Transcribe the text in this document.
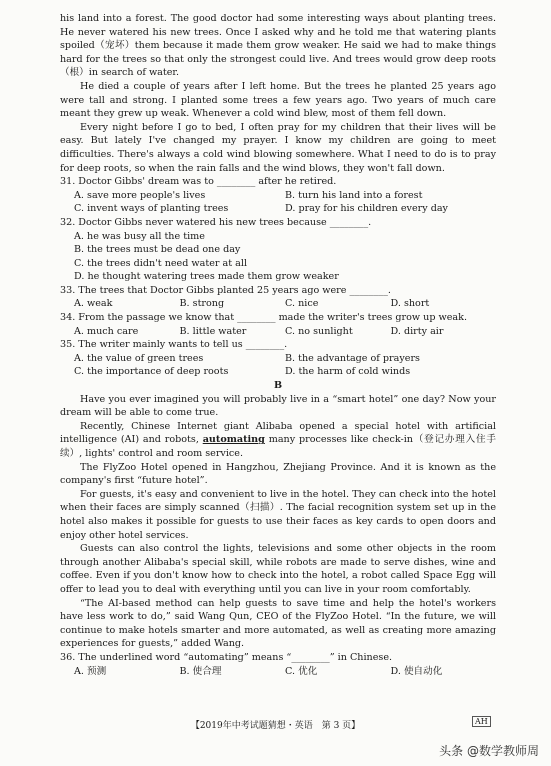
his land into a forest. The good doctor had some interesting ways about planting trees. He never watered his new trees. Once I asked why and he told me that watering plants spoiled（宠坏）them because it made them grow weaker. He said we had to make things hard for the trees so that only the strongest could live. And trees would grow deep roots（根）in search of water.

He died a couple of years after I left home. But the trees he planted 25 years ago were tall and strong. I planted some trees a few years ago. Two years of much care meant they grew up weak. Whenever a cold wind blew, most of them fell down.

Every night before I go to bed, I often pray for my children that their lives will be easy. But lately I've changed my prayer. I know my children are going to meet difficulties. There's always a cold wind blowing somewhere. What I need to do is to pray for deep roots, so when the rain falls and the wind blows, they won't fall down.

31. Doctor Gibbs' dream was to ________ after he retired.

A. save more people's lives	B. turn his land into a forest
C. invent ways of planting trees	D. pray for his children every day

32. Doctor Gibbs never watered his new trees because ________.

A. he was busy all the time
B. the trees must be dead one day
C. the trees didn't need water at all
D. he thought watering trees made them grow weaker

33. The trees that Doctor Gibbs planted 25 years ago were ________.

A. weak	B. strong	C. nice	D. short

34. From the passage we know that ________ made the writer's trees grow up weak.

A. much care	B. little water	C. no sunlight	D. dirty air

35. The writer mainly wants to tell us ________.

A. the value of green trees	B. the advantage of prayers
C. the importance of deep roots	D. the harm of cold winds

B

Have you ever imagined you will probably live in a “smart hotel” one day? Now your dream will be able to come true.

Recently, Chinese Internet giant Alibaba opened a special hotel with artificial intelligence (AI) and robots, automating many processes like check-in（登记办理入住手续）, lights' control and room service.

The FlyZoo Hotel opened in Hangzhou, Zhejiang Province. And it is known as the company's first “future hotel”.

For guests, it's easy and convenient to live in the hotel. They can check into the hotel when their faces are simply scanned（扫描）. The facial recognition system set up in the hotel also makes it possible for guests to use their faces as key cards to open doors and enjoy other hotel services.

Guests can also control the lights, televisions and some other objects in the room through another Alibaba's special skill, while robots are made to serve dishes, wine and coffee. Even if you don't know how to check into the hotel, a robot called Space Egg will offer to lead you to deal with everything until you can live in your room comfortably.

“The AI-based method can help guests to save time and help the hotel's workers have less work to do,” said Wang Qun, CEO of the FlyZoo Hotel. “In the future, we will continue to make hotels smarter and more automated, as well as creating more amazing experiences for guests,” added Wang.

36. The underlined word “automating” means “________” in Chinese.

A. 预测	B. 使合理	C. 优化	D. 使自动化
【2019年中考试题猜想・英语　第 3 页】	AH
头条 @数学教师周
